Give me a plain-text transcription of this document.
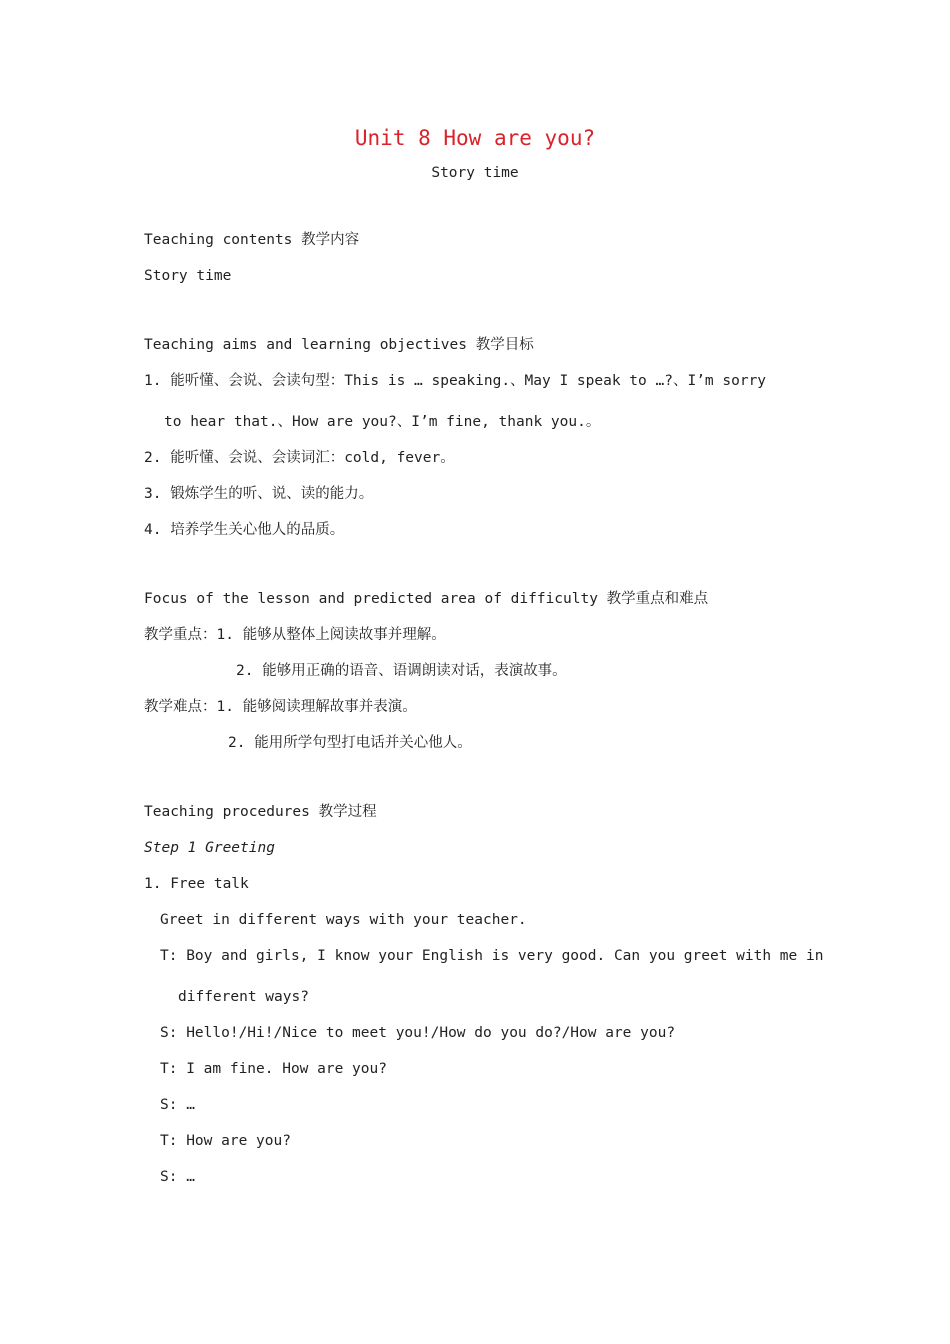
Unit 8 How are you?
Story time
Teaching contents 教学内容
Story time
Teaching aims and learning objectives 教学目标
1. 能听懂、会说、会读句型：This is … speaking.、May I speak to …?、I’m sorry
to hear that.、How are you?、I’m fine, thank you.。
2. 能听懂、会说、会读词汇：cold, fever。
3. 锻炼学生的听、说、读的能力。
4. 培养学生关心他人的品质。
Focus of the lesson and predicted area of difficulty 教学重点和难点
教学重点：1. 能够从整体上阅读故事并理解。
2. 能够用正确的语音、语调朗读对话，表演故事。
教学难点：1. 能够阅读理解故事并表演。
2. 能用所学句型打电话并关心他人。
Teaching procedures 教学过程
Step 1 Greeting
1. Free talk
Greet in different ways with your teacher.
T: Boy and girls, I know your English is very good. Can you greet with me in
different ways?
S: Hello!/Hi!/Nice to meet you!/How do you do?/How are you?
T: I am fine. How are you?
S: …
T: How are you?
S: …
